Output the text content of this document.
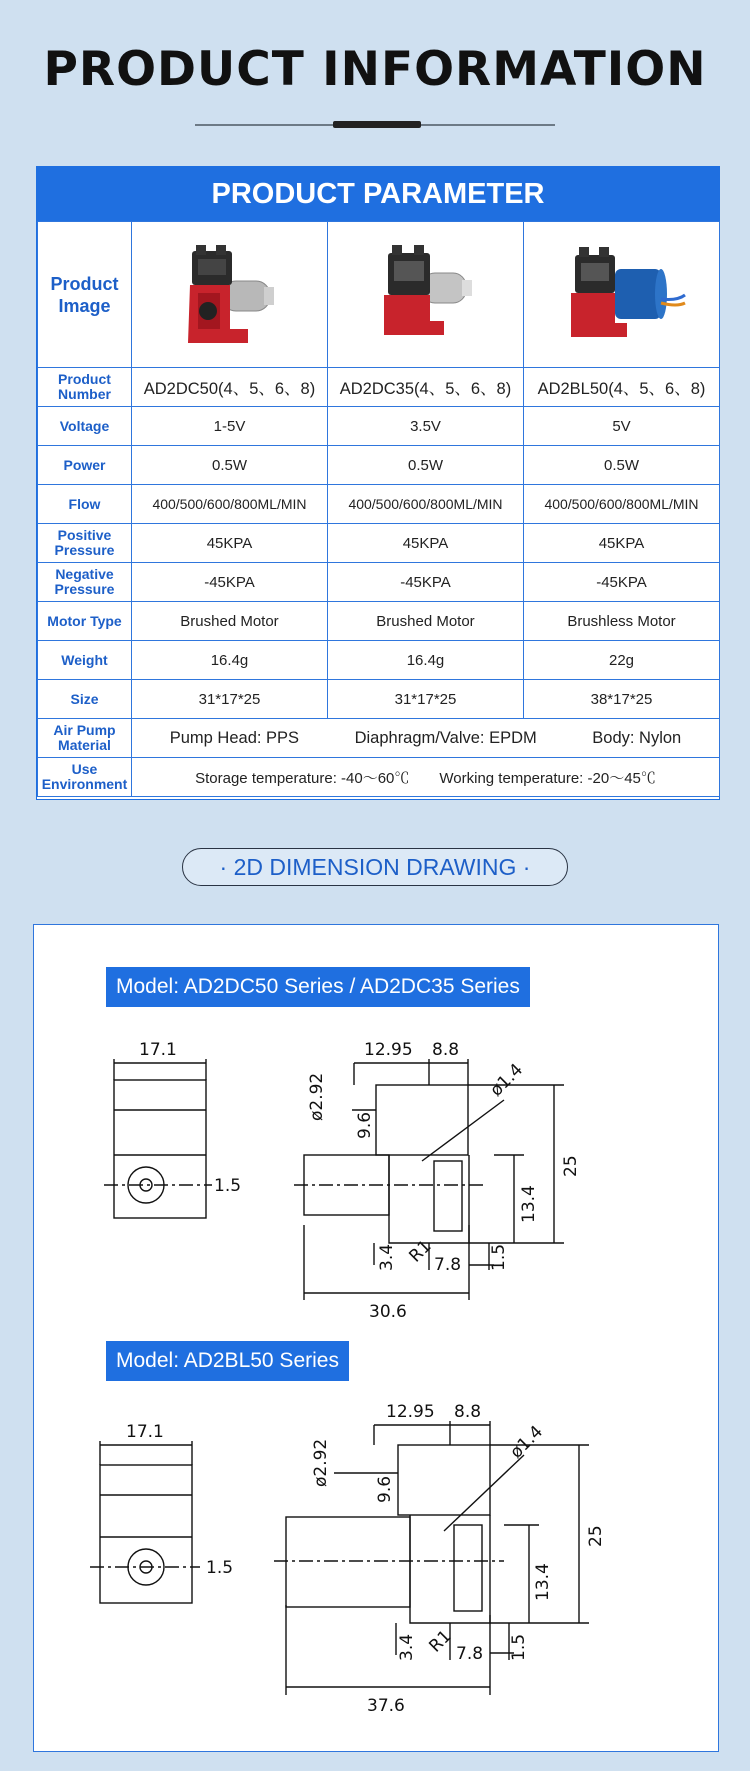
PRODUCT INFORMATION
PRODUCT PARAMETER
Product Image			
Product Number	AD2DC50(4、5、6、8)	AD2DC35(4、5、6、8)	AD2BL50(4、5、6、8)
Voltage	1-5V	3.5V	5V
Power	0.5W	0.5W	0.5W
Flow	400/500/600/800ML/MIN	400/500/600/800ML/MIN	400/500/600/800ML/MIN
Positive Pressure	45KPA	45KPA	45KPA
Negative Pressure	-45KPA	-45KPA	-45KPA
Motor Type	Brushed Motor	Brushed Motor	Brushless Motor
Weight	16.4g	16.4g	22g
Size	31*17*25	31*17*25	38*17*25
Air Pump Material	Pump Head: PPS Diaphragm/Valve: EPDM Body: Nylon		

Use Environment	Storage temperature: -40～60℃ Working temperature: -20～45℃		
· 2D DIMENSION DRAWING ·
Model: AD2DC50 Series / AD2DC35 Series
Model: AD2BL50 Series
17.1
1.5
12.95 8.8
ø2.92
9.6
ø1.4
25
13.4
3.4 R1
7.8 1.5
30.6
17.1
1.5
12.95 8.8
ø2.92
9.6
ø1.4
25
13.4
3.4 R1 7.8 1.5
37.6
